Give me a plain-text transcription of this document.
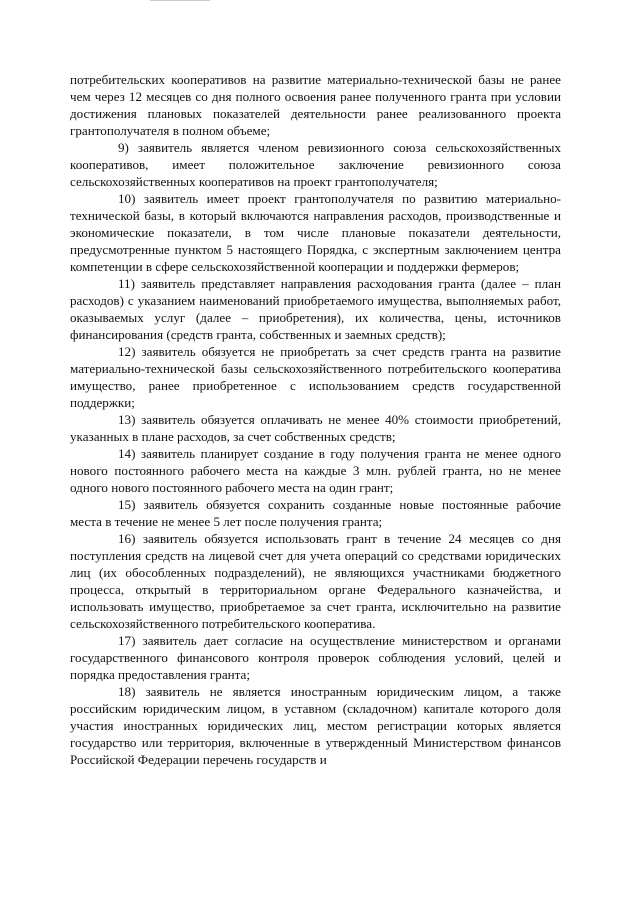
потребительских кооперативов на развитие материально-технической базы не ранее чем через 12 месяцев со дня полного освоения ранее полученного гранта при условии достижения плановых показателей деятельности ранее реализованного проекта грантополучателя в полном объеме;

9) заявитель является членом ревизионного союза сельскохозяйственных кооперативов, имеет положительное заключение ревизионного союза сельскохозяйственных кооперативов на проект грантополучателя;

10) заявитель имеет проект грантополучателя по развитию материально-технической базы, в который включаются направления расходов, производственные и экономические показатели, в том числе плановые показатели деятельности, предусмотренные пунктом 5 настоящего Порядка, с экспертным заключением центра компетенции в сфере сельскохозяйственной кооперации и поддержки фермеров;

11) заявитель представляет направления расходования гранта (далее – план расходов) с указанием наименований приобретаемого имущества, выполняемых работ, оказываемых услуг (далее – приобретения), их количества, цены, источников финансирования (средств гранта, собственных и заемных средств);

12) заявитель обязуется не приобретать за счет средств гранта на развитие материально-технической базы сельскохозяйственного потребительского кооператива имущество, ранее приобретенное с использованием средств государственной поддержки;

13) заявитель обязуется оплачивать не менее 40% стоимости приобретений, указанных в плане расходов, за счет собственных средств;

14) заявитель планирует создание в году получения гранта не менее одного нового постоянного рабочего места на каждые 3 млн. рублей гранта, но не менее одного нового постоянного рабочего места на один грант;

15) заявитель обязуется сохранить созданные новые постоянные рабочие места в течение не менее 5 лет после получения гранта;

16) заявитель обязуется использовать грант в течение 24 месяцев со дня поступления средств на лицевой счет для учета операций со средствами юридических лиц (их обособленных подразделений), не являющихся участниками бюджетного процесса, открытый в территориальном органе Федерального казначейства, и использовать имущество, приобретаемое за счет гранта, исключительно на развитие сельскохозяйственного потребительского кооператива.

17) заявитель дает согласие на осуществление министерством и органами государственного финансового контроля проверок соблюдения условий, целей и порядка предоставления гранта;

18) заявитель не является иностранным юридическим лицом, а также российским юридическим лицом, в уставном (складочном) капитале которого доля участия иностранных юридических лиц, местом регистрации которых является государство или территория, включенные в утвержденный Министерством финансов Российской Федерации перечень государств и
